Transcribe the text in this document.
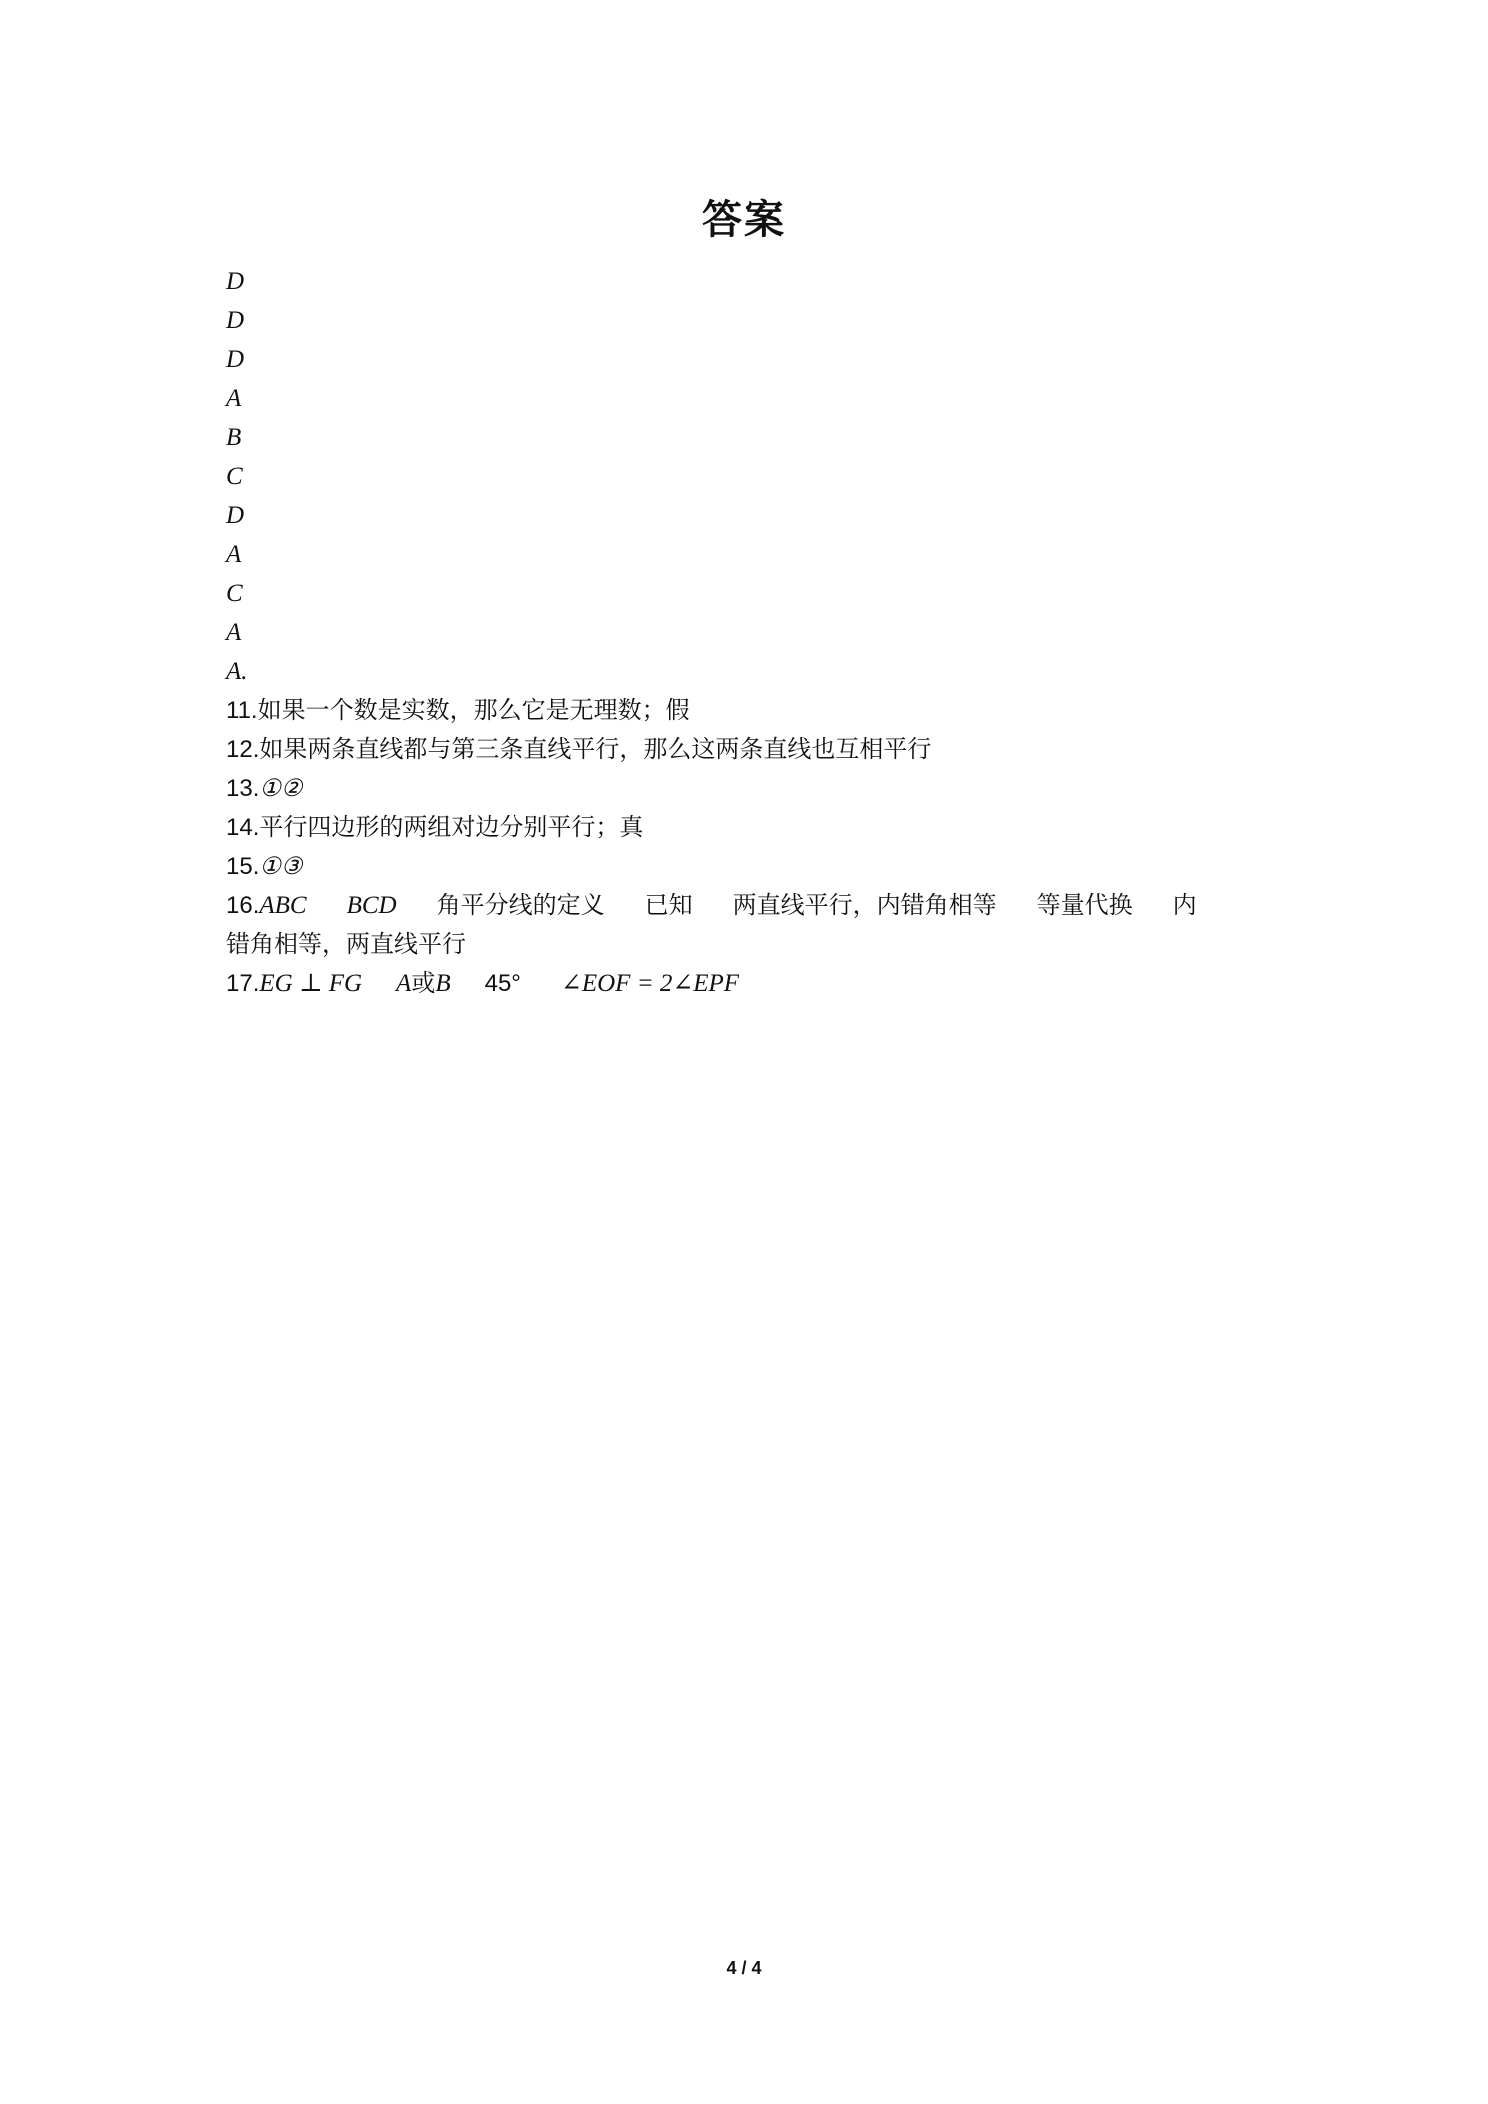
答案
D
D
D
A
B
C
D
A
C
A
A.
11.如果一个数是实数，那么它是无理数；假
12.如果两条直线都与第三条直线平行，那么这两条直线也互相平行
13.①②
14.平行四边形的两组对边分别平行；真
15.①③
16.ABC BCD 角平分线的定义 已知 两直线平行，内错角相等 等量代换 内
错角相等，两直线平行
17.EG ⊥ FG A或B 45° ∠EOF = 2∠EPF
4 / 4
